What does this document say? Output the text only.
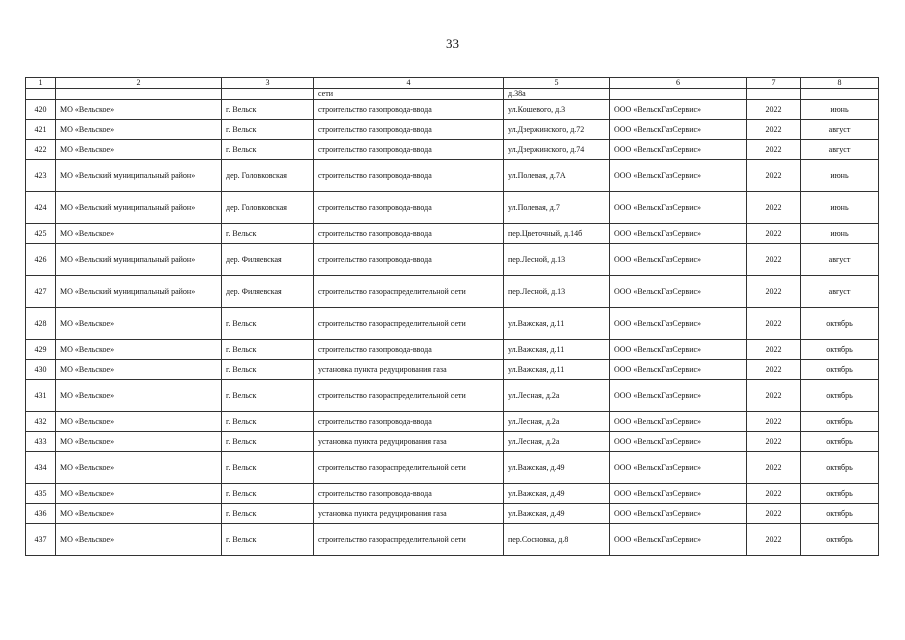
33
1	2	3	4	5	6	7	8
			сети	д.38а			
420	МО «Вельское»	г. Вельск	строительство газопровода-ввода	ул.Кошевого, д.3	ООО «ВельскГазСервис»	2022	июнь
421	МО «Вельское»	г. Вельск	строительство газопровода-ввода	ул.Дзержинского, д.72	ООО «ВельскГазСервис»	2022	август
422	МО «Вельское»	г. Вельск	строительство газопровода-ввода	ул.Дзержинского, д.74	ООО «ВельскГазСервис»	2022	август
423	МО «Вельский муниципальный район»	дер. Головковская	строительство газопровода-ввода	ул.Полевая, д.7А	ООО «ВельскГазСервис»	2022	июнь
424	МО «Вельский муниципальный район»	дер. Головковская	строительство газопровода-ввода	ул.Полевая, д.7	ООО «ВельскГазСервис»	2022	июнь
425	МО «Вельское»	г. Вельск	строительство газопровода-ввода	пер.Цветочный, д.14б	ООО «ВельскГазСервис»	2022	июнь
426	МО «Вельский муниципальный район»	дер. Филяевская	строительство газопровода-ввода	пер.Лесной, д.13	ООО «ВельскГазСервис»	2022	август
427	МО «Вельский муниципальный район»	дер. Филяевская	строительство газораспределительной сети	пер.Лесной, д.13	ООО «ВельскГазСервис»	2022	август
428	МО «Вельское»	г. Вельск	строительство газораспределительной сети	ул.Важская, д.11	ООО «ВельскГазСервис»	2022	октябрь
429	МО «Вельское»	г. Вельск	строительство газопровода-ввода	ул.Важская, д.11	ООО «ВельскГазСервис»	2022	октябрь
430	МО «Вельское»	г. Вельск	установка пункта редуцирования газа	ул.Важская, д.11	ООО «ВельскГазСервис»	2022	октябрь
431	МО «Вельское»	г. Вельск	строительство газораспределительной сети	ул.Лесная, д.2а	ООО «ВельскГазСервис»	2022	октябрь
432	МО «Вельское»	г. Вельск	строительство газопровода-ввода	ул.Лесная, д.2а	ООО «ВельскГазСервис»	2022	октябрь
433	МО «Вельское»	г. Вельск	установка пункта редуцирования газа	ул.Лесная, д.2а	ООО «ВельскГазСервис»	2022	октябрь
434	МО «Вельское»	г. Вельск	строительство газораспределительной сети	ул.Важская, д.49	ООО «ВельскГазСервис»	2022	октябрь
435	МО «Вельское»	г. Вельск	строительство газопровода-ввода	ул.Важская, д.49	ООО «ВельскГазСервис»	2022	октябрь
436	МО «Вельское»	г. Вельск	установка пункта редуцирования газа	ул.Важская, д.49	ООО «ВельскГазСервис»	2022	октябрь
437	МО «Вельское»	г. Вельск	строительство газораспределительной сети	пер.Сосновка, д.8	ООО «ВельскГазСервис»	2022	октябрь
